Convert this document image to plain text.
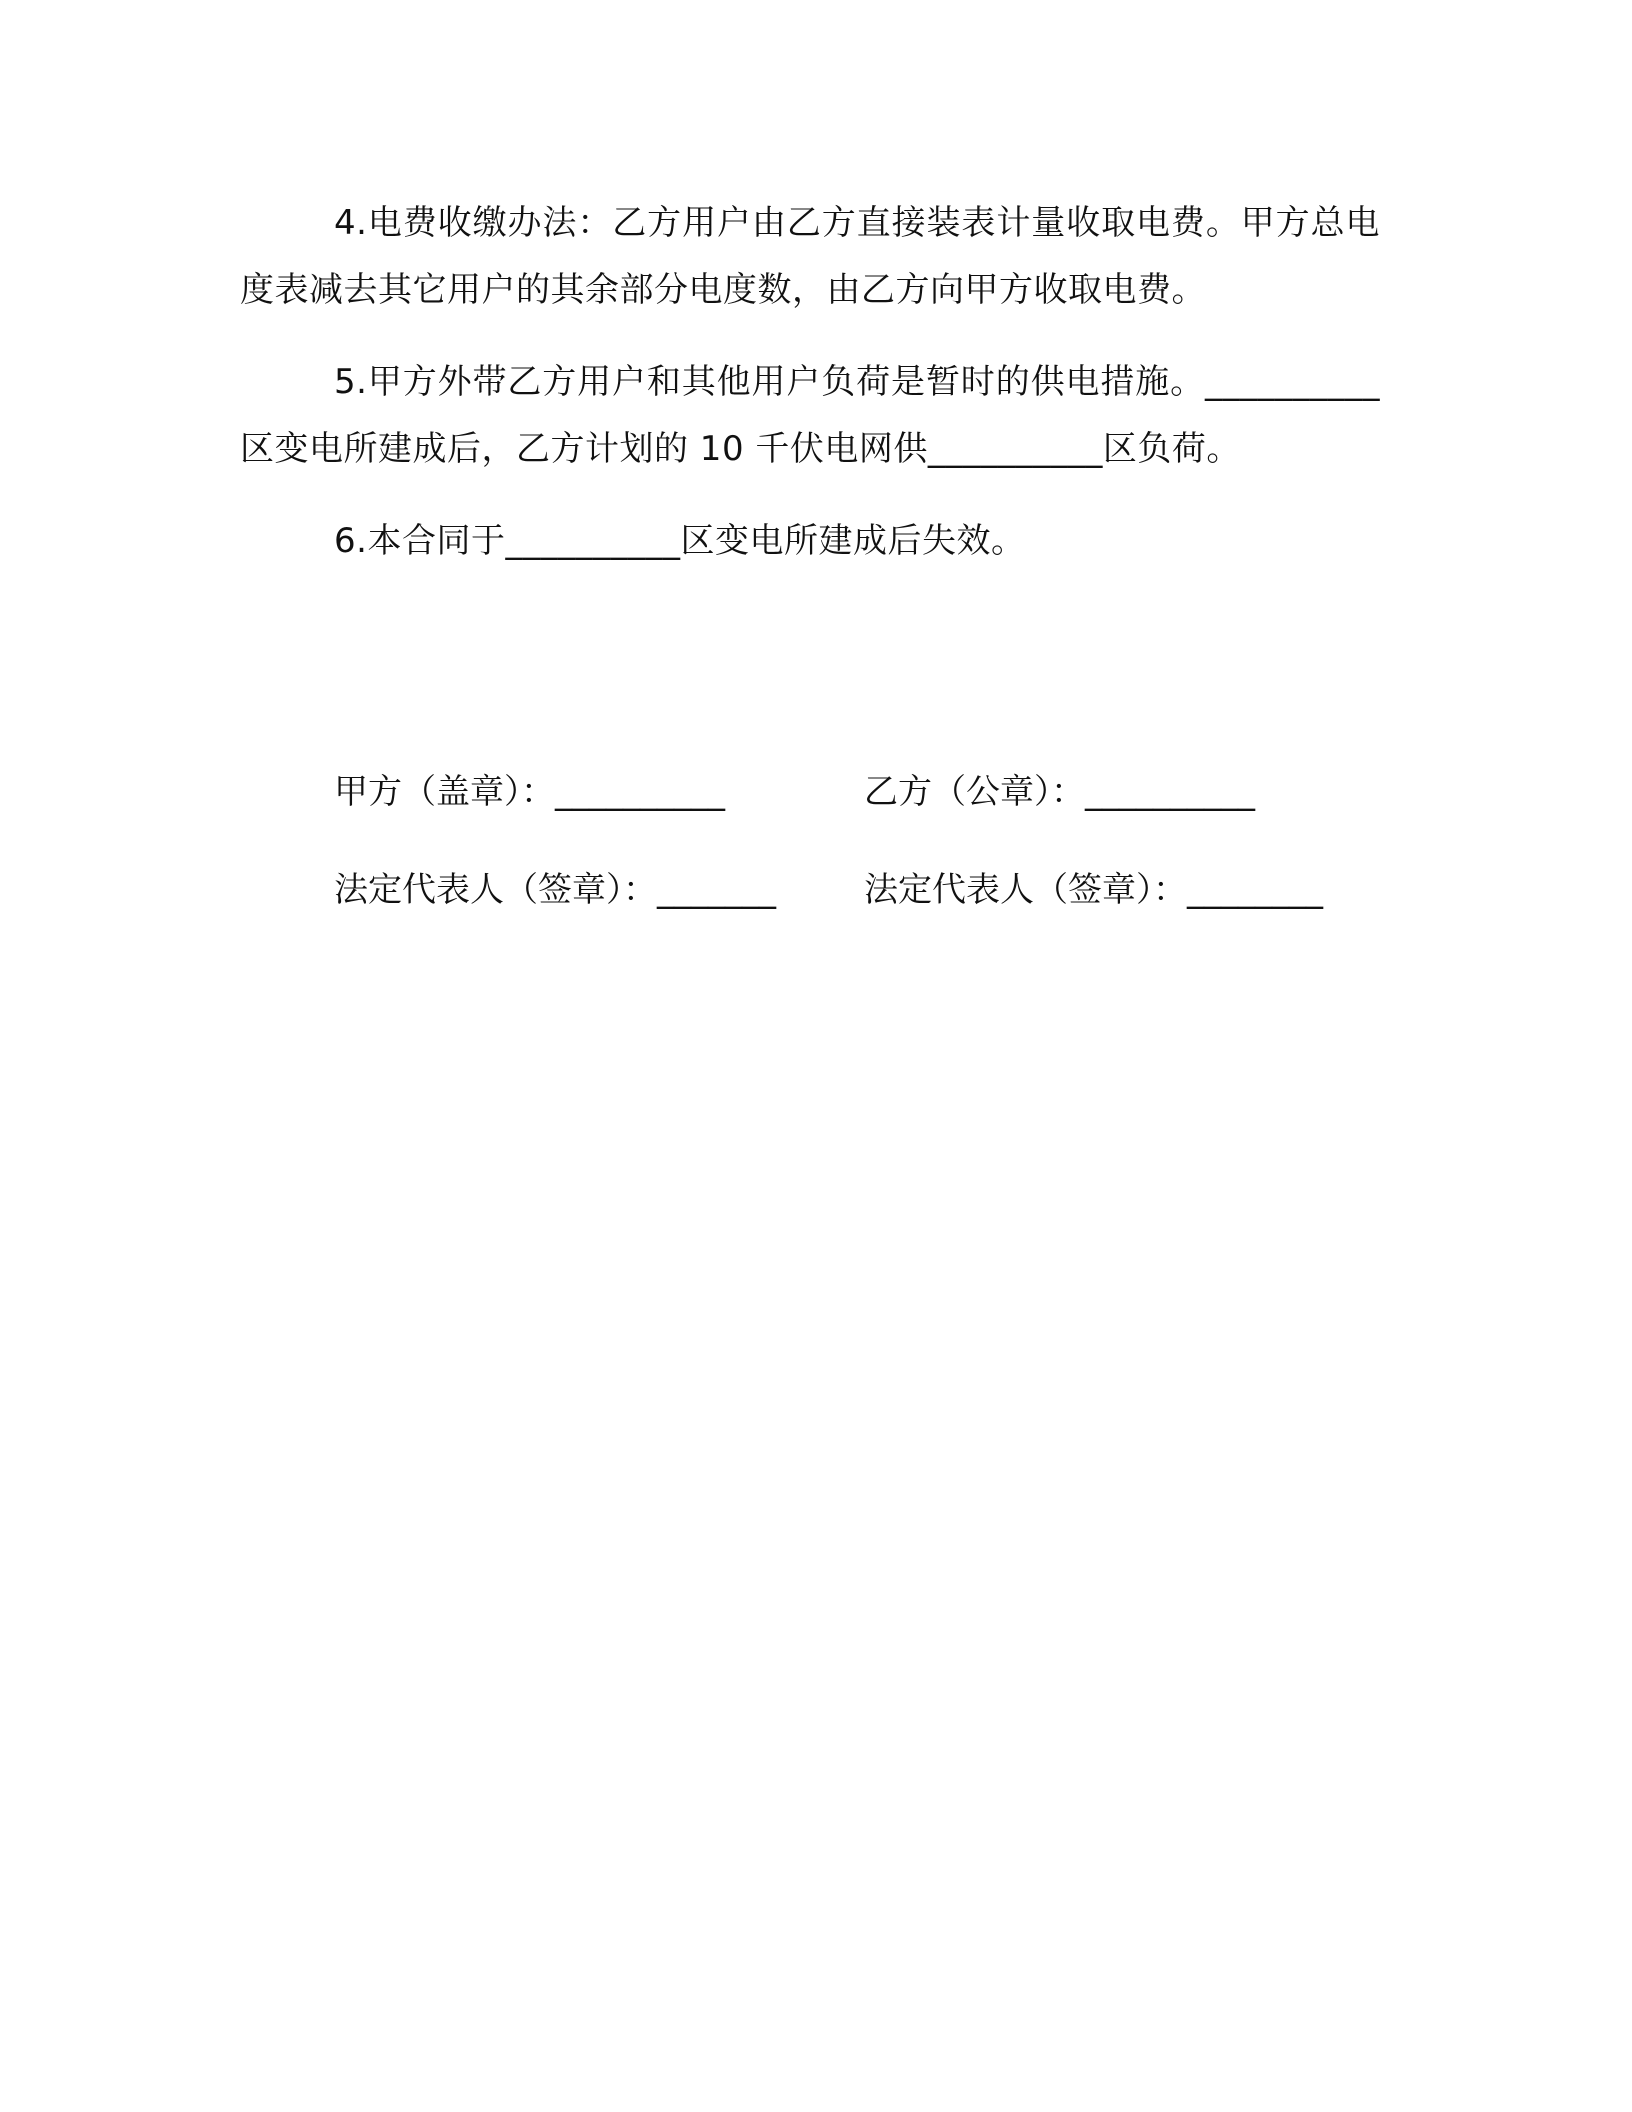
4.电费收缴办法：乙方用户由乙方直接装表计量收取电费。甲方总电度表减去其它用户的其余部分电度数，由乙方向甲方收取电费。

5.甲方外带乙方用户和其他用户负荷是暂时的供电措施。__________区变电所建成后，乙方计划的 10 千伏电网供__________区负荷。

6.本合同于__________区变电所建成后失效。

甲方（盖章）：__________	乙方（公章）：__________
法定代表人（签章）：_______	法定代表人（签章）：________
